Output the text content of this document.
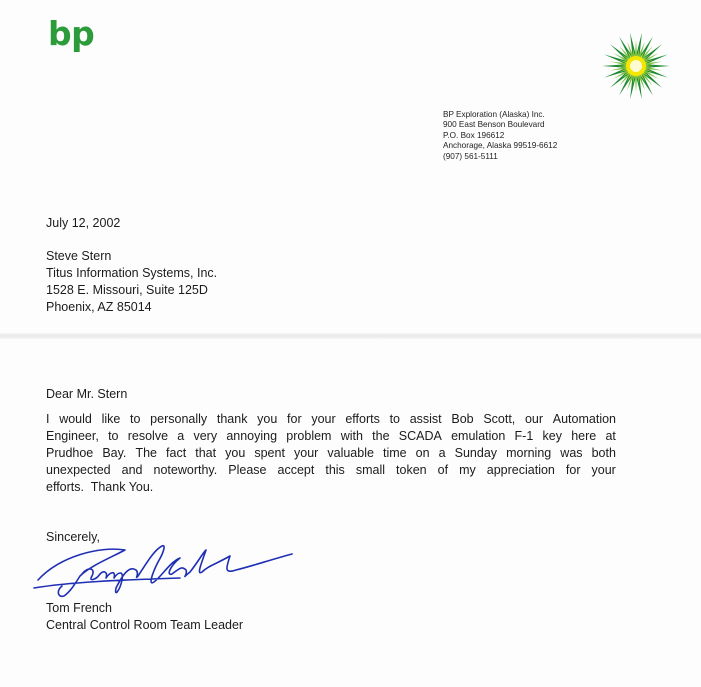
bp
BP Exploration (Alaska) Inc.
900 East Benson Boulevard
P.O. Box 196612
Anchorage, Alaska 99519-6612
(907) 561-5111
July 12, 2002
Steve Stern
Titus Information Systems, Inc.
1528 E. Missouri, Suite 125D
Phoenix, AZ 85014
Dear Mr. Stern
I would like to personally thank you for your efforts to assist Bob Scott, our Automation
Engineer, to resolve a very annoying problem with the SCADA emulation F-1 key here at
Prudhoe Bay. The fact that you spent your valuable time on a Sunday morning was both
unexpected and noteworthy. Please accept this small token of my appreciation for your
efforts.  Thank You.
Sincerely,
Tom French
Central Control Room Team Leader
